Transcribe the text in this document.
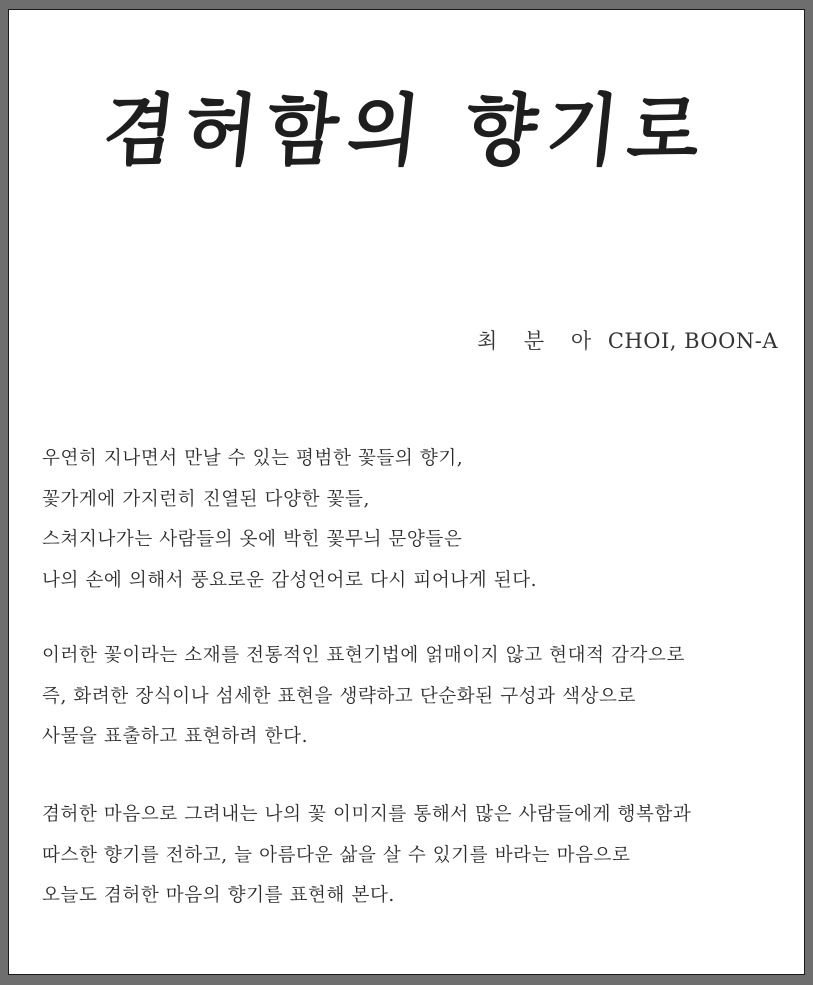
겸허함의 향기로
최 분 아 CHOI, BOON-A
우연히 지나면서 만날 수 있는 평범한 꽃들의 향기,
꽃가게에 가지런히 진열된 다양한 꽃들,
스쳐지나가는 사람들의 옷에 박힌 꽃무늬 문양들은
나의 손에 의해서 풍요로운 감성언어로 다시 피어나게 된다.
이러한 꽃이라는 소재를 전통적인 표현기법에 얽매이지 않고 현대적 감각으로
즉, 화려한 장식이나 섬세한 표현을 생략하고 단순화된 구성과 색상으로
사물을 표출하고 표현하려 한다.
겸허한 마음으로 그려내는 나의 꽃 이미지를 통해서 많은 사람들에게 행복함과
따스한 향기를 전하고, 늘 아름다운 삶을 살 수 있기를 바라는 마음으로
오늘도 겸허한 마음의 향기를 표현해 본다.
